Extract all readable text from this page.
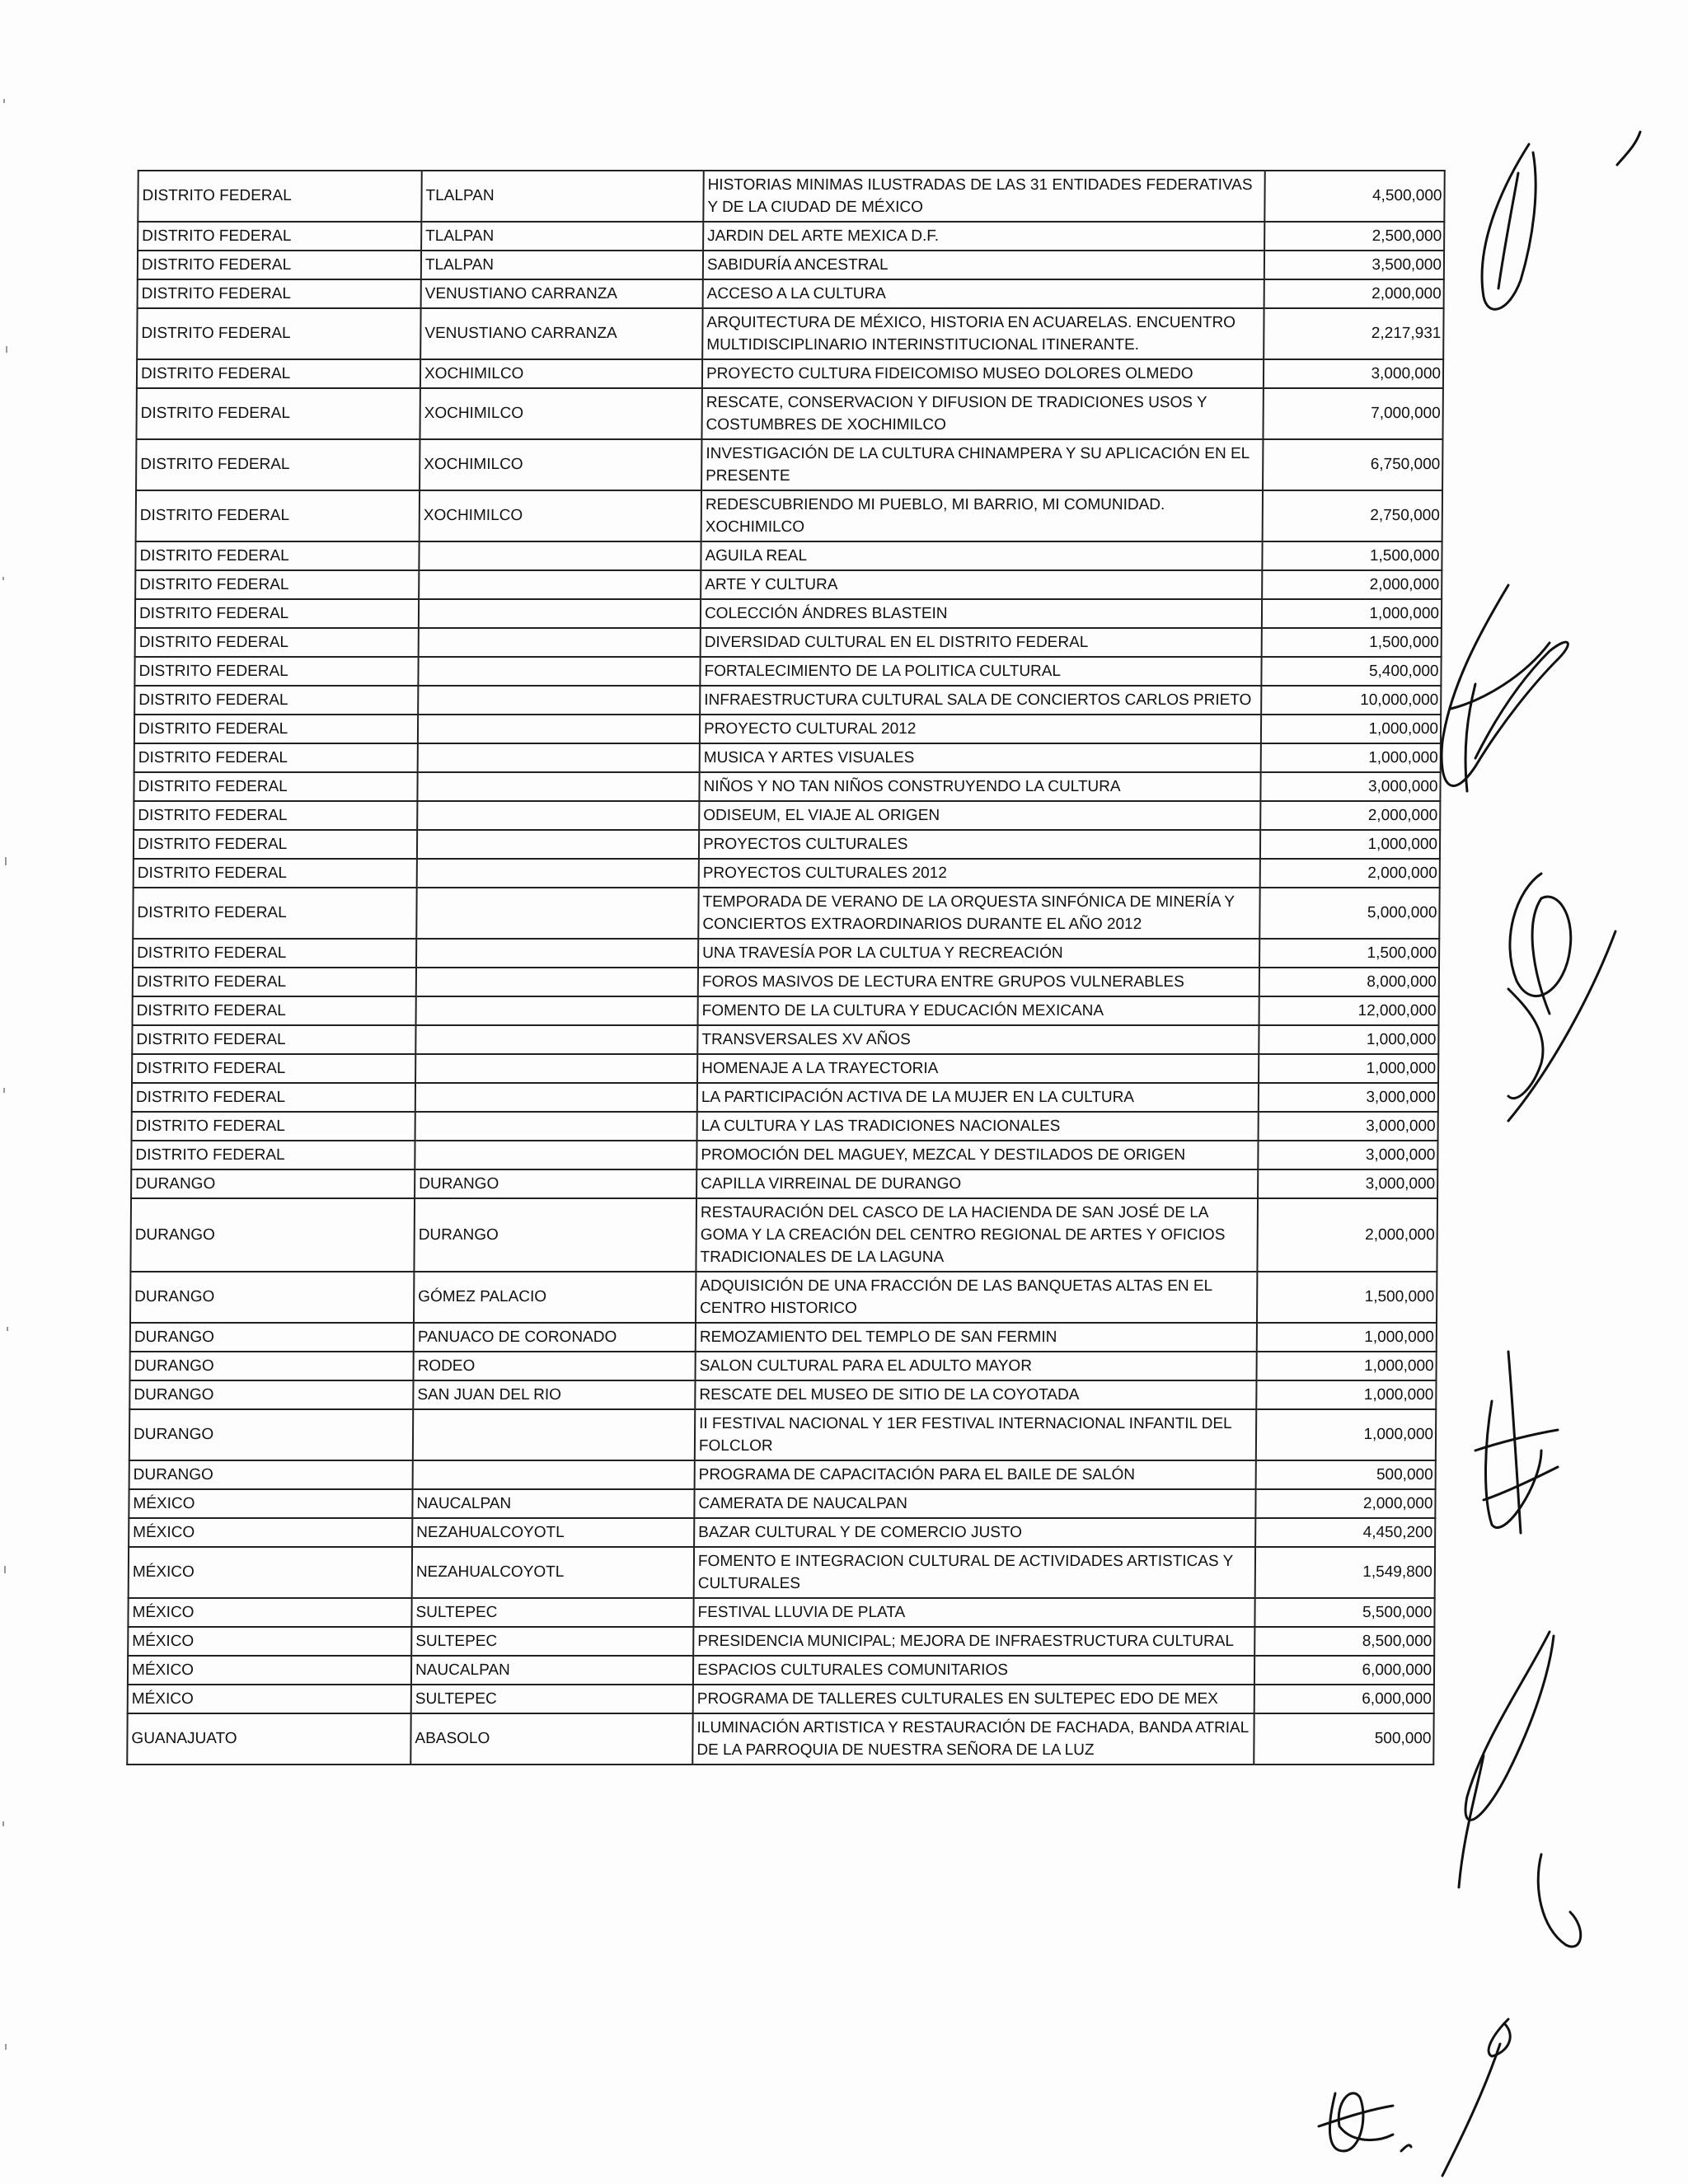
DISTRITO FEDERAL	TLALPAN	HISTORIAS MINIMAS ILUSTRADAS DE LAS 31 ENTIDADES FEDERATIVAS Y DE LA CIUDAD DE MÉXICO	4,500,000
DISTRITO FEDERAL	TLALPAN	JARDIN DEL ARTE MEXICA D.F.	2,500,000
DISTRITO FEDERAL	TLALPAN	SABIDURÍA ANCESTRAL	3,500,000
DISTRITO FEDERAL	VENUSTIANO CARRANZA	ACCESO A LA CULTURA	2,000,000
DISTRITO FEDERAL	VENUSTIANO CARRANZA	ARQUITECTURA DE MÉXICO, HISTORIA EN ACUARELAS. ENCUENTRO MULTIDISCIPLINARIO INTERINSTITUCIONAL ITINERANTE.	2,217,931
DISTRITO FEDERAL	XOCHIMILCO	PROYECTO CULTURA FIDEICOMISO MUSEO DOLORES OLMEDO	3,000,000
DISTRITO FEDERAL	XOCHIMILCO	RESCATE, CONSERVACION Y DIFUSION DE TRADICIONES USOS Y COSTUMBRES DE XOCHIMILCO	7,000,000
DISTRITO FEDERAL	XOCHIMILCO	INVESTIGACIÓN DE LA CULTURA CHINAMPERA Y SU APLICACIÓN EN EL PRESENTE	6,750,000
DISTRITO FEDERAL	XOCHIMILCO	REDESCUBRIENDO MI PUEBLO, MI BARRIO, MI COMUNIDAD. XOCHIMILCO	2,750,000
DISTRITO FEDERAL		AGUILA REAL	1,500,000
DISTRITO FEDERAL		ARTE Y CULTURA	2,000,000
DISTRITO FEDERAL		COLECCIÓN ÁNDRES BLASTEIN	1,000,000
DISTRITO FEDERAL		DIVERSIDAD CULTURAL EN EL DISTRITO FEDERAL	1,500,000
DISTRITO FEDERAL		FORTALECIMIENTO DE LA POLITICA CULTURAL	5,400,000
DISTRITO FEDERAL		INFRAESTRUCTURA CULTURAL SALA DE CONCIERTOS CARLOS PRIETO	10,000,000
DISTRITO FEDERAL		PROYECTO CULTURAL 2012	1,000,000
DISTRITO FEDERAL		MUSICA Y ARTES VISUALES	1,000,000
DISTRITO FEDERAL		NIÑOS Y NO TAN NIÑOS CONSTRUYENDO LA CULTURA	3,000,000
DISTRITO FEDERAL		ODISEUM, EL VIAJE AL ORIGEN	2,000,000
DISTRITO FEDERAL		PROYECTOS CULTURALES	1,000,000
DISTRITO FEDERAL		PROYECTOS CULTURALES 2012	2,000,000
DISTRITO FEDERAL		TEMPORADA DE VERANO DE LA ORQUESTA SINFÓNICA DE MINERÍA Y CONCIERTOS EXTRAORDINARIOS DURANTE EL AÑO 2012	5,000,000
DISTRITO FEDERAL		UNA TRAVESÍA POR LA CULTUA Y RECREACIÓN	1,500,000
DISTRITO FEDERAL		FOROS MASIVOS DE LECTURA ENTRE GRUPOS VULNERABLES	8,000,000
DISTRITO FEDERAL		FOMENTO DE LA CULTURA Y EDUCACIÓN MEXICANA	12,000,000
DISTRITO FEDERAL		TRANSVERSALES XV AÑOS	1,000,000
DISTRITO FEDERAL		HOMENAJE A LA TRAYECTORIA	1,000,000
DISTRITO FEDERAL		LA PARTICIPACIÓN ACTIVA DE LA MUJER EN LA CULTURA	3,000,000
DISTRITO FEDERAL		LA CULTURA Y LAS TRADICIONES NACIONALES	3,000,000
DISTRITO FEDERAL		PROMOCIÓN DEL MAGUEY, MEZCAL Y DESTILADOS DE ORIGEN	3,000,000
DURANGO	DURANGO	CAPILLA VIRREINAL DE DURANGO	3,000,000
DURANGO	DURANGO	RESTAURACIÓN DEL CASCO DE LA HACIENDA DE SAN JOSÉ DE LA GOMA Y LA CREACIÓN DEL CENTRO REGIONAL DE ARTES Y OFICIOS TRADICIONALES DE LA LAGUNA	2,000,000
DURANGO	GÓMEZ PALACIO	ADQUISICIÓN DE UNA FRACCIÓN DE LAS BANQUETAS ALTAS EN EL CENTRO HISTORICO	1,500,000
DURANGO	PANUACO DE CORONADO	REMOZAMIENTO DEL TEMPLO DE SAN FERMIN	1,000,000
DURANGO	RODEO	SALON CULTURAL PARA EL ADULTO MAYOR	1,000,000
DURANGO	SAN JUAN DEL RIO	RESCATE DEL MUSEO DE SITIO DE LA COYOTADA	1,000,000
DURANGO		II FESTIVAL NACIONAL Y 1ER FESTIVAL INTERNACIONAL INFANTIL DEL FOLCLOR	1,000,000
DURANGO		PROGRAMA DE CAPACITACIÓN PARA EL BAILE DE SALÓN	500,000
MÉXICO	NAUCALPAN	CAMERATA DE NAUCALPAN	2,000,000
MÉXICO	NEZAHUALCOYOTL	BAZAR CULTURAL Y DE COMERCIO JUSTO	4,450,200
MÉXICO	NEZAHUALCOYOTL	FOMENTO E INTEGRACION CULTURAL DE ACTIVIDADES ARTISTICAS Y CULTURALES	1,549,800
MÉXICO	SULTEPEC	FESTIVAL LLUVIA DE PLATA	5,500,000
MÉXICO	SULTEPEC	PRESIDENCIA MUNICIPAL; MEJORA DE INFRAESTRUCTURA CULTURAL	8,500,000
MÉXICO	NAUCALPAN	ESPACIOS CULTURALES COMUNITARIOS	6,000,000
MÉXICO	SULTEPEC	PROGRAMA DE TALLERES CULTURALES EN SULTEPEC EDO DE MEX	6,000,000
GUANAJUATO	ABASOLO	ILUMINACIÓN ARTISTICA Y RESTAURACIÓN DE FACHADA, BANDA ATRIAL DE LA PARROQUIA DE NUESTRA SEÑORA DE LA LUZ	500,000
